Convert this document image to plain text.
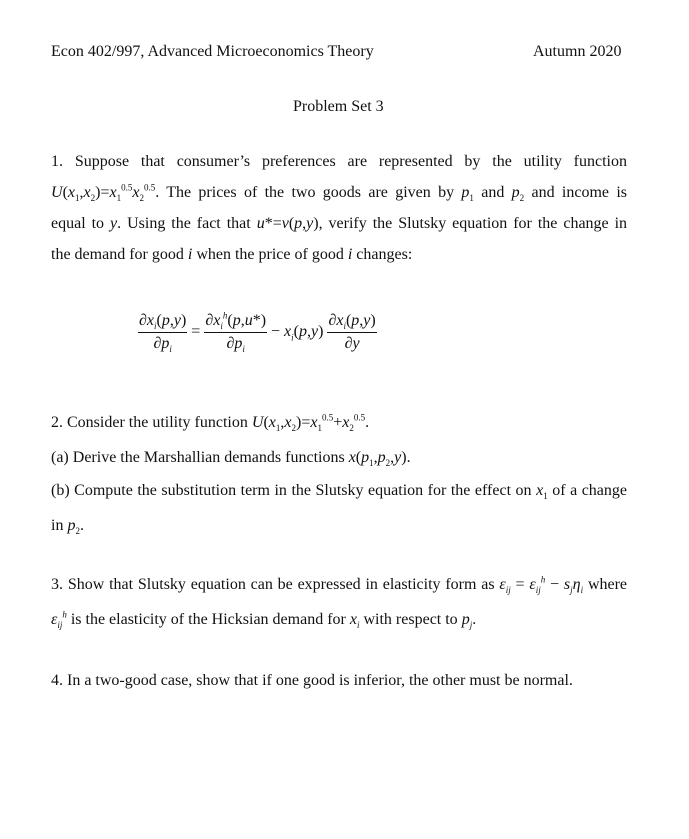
Econ 402/997, Advanced Microeconomics Theory	Autumn 2020
Problem Set 3
1. Suppose that consumer’s preferences are represented by the utility function
$U(x_1,x_2)=x_1^{0.5}x_2^{0.5}$. The prices of the two goods are given by $p_1$ and $p_2$ and income is
equal to y. Using the fact that u*=v(p,y), verify the Slutsky equation for the change in
the demand for good i when the price of good i changes:
$\frac{\partial x_i(p,y)}{\partial p_i} = \frac{\partial x_i^h(p,u*)}{\partial p_i} - x_i(p,y) \frac{\partial x_i(p,y)}{\partial y}$
2. Consider the utility function $U(x_1,x_2)=x_1^{0.5}+x_2^{0.5}$.
(a) Derive the Marshallian demands functions $x(p_1,p_2,y)$.
(b) Compute the substitution term in the Slutsky equation for the effect on $x_1$ of a change
in $p_2$.
3. Show that Slutsky equation can be expressed in elasticity form as $\varepsilon_{ij} = \varepsilon_{ij}^h - s_j\eta_i$ where
$\varepsilon_{ij}^h$ is the elasticity of the Hicksian demand for $x_i$ with respect to $p_j$.
4. In a two-good case, show that if one good is inferior, the other must be normal.
